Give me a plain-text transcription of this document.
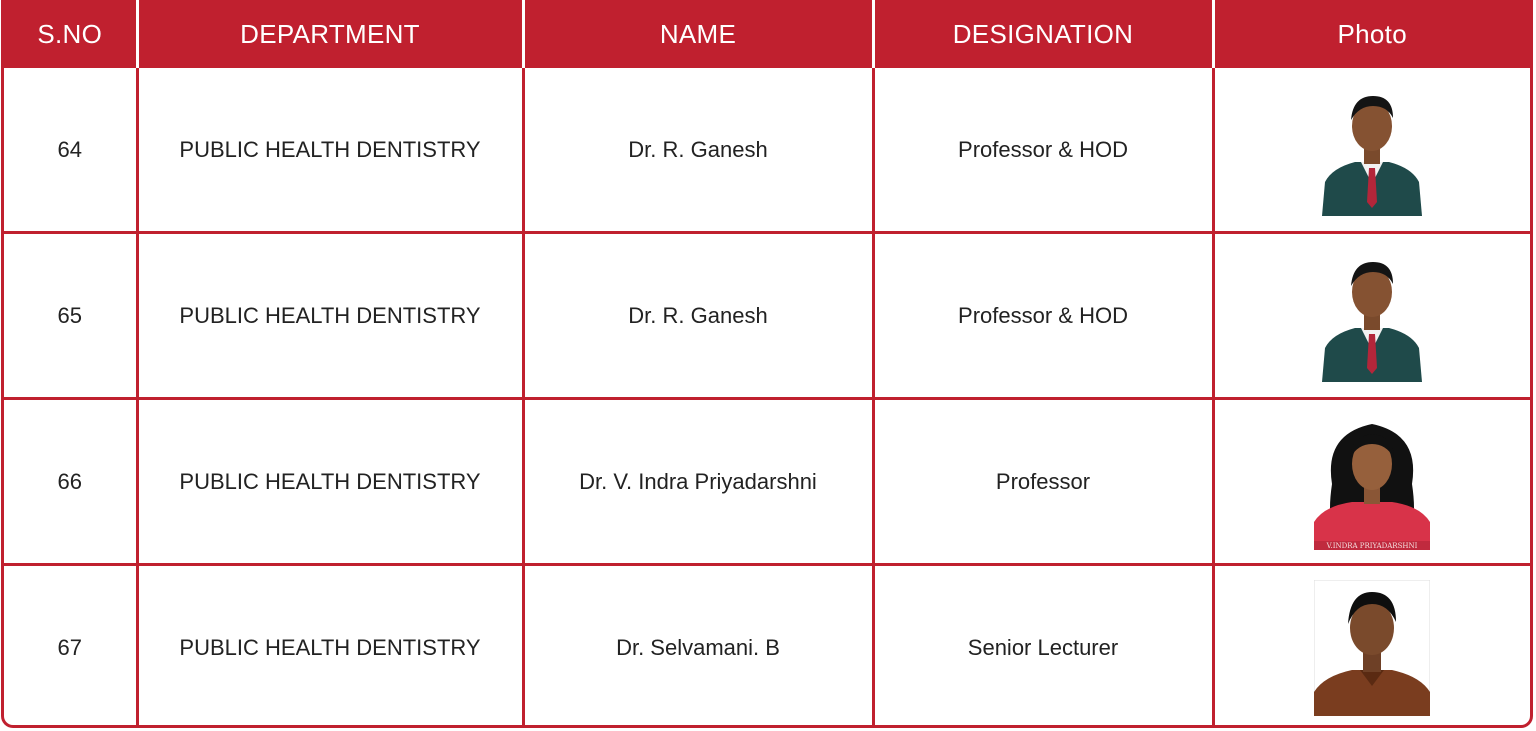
S.NO	DEPARTMENT	NAME	DESIGNATION	Photo
64	PUBLIC HEALTH DENTISTRY	Dr. R. Ganesh	Professor & HOD	

65	PUBLIC HEALTH DENTISTRY	Dr. R. Ganesh	Professor & HOD	

66	PUBLIC HEALTH DENTISTRY	Dr. V. Indra Priyadarshni	Professor	V.INDRA PRIYADARSHNI

67	PUBLIC HEALTH DENTISTRY	Dr. Selvamani. B	Senior Lecturer	
